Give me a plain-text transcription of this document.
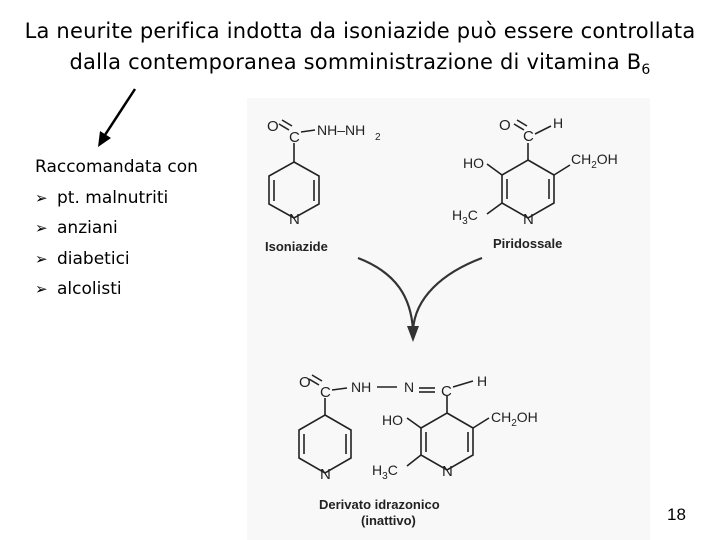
La neurite perifica indotta da isoniazide può essere controllata
dalla contemporanea somministrazione di vitamina $B_6$
Raccomandata con
➢ pt. malnutriti
➢ anziani
➢ diabetici
➢ alcolisti
O
C NH–NH 2
N
Isoniazide
O
C
H
HO	$CH_2OH$
$H_3C$	N
Piridossale
O
C NH N C
H
HO	$CH_2OH$
$H_3C$
N	N
Derivato idrazonico
(inattivo)	18
